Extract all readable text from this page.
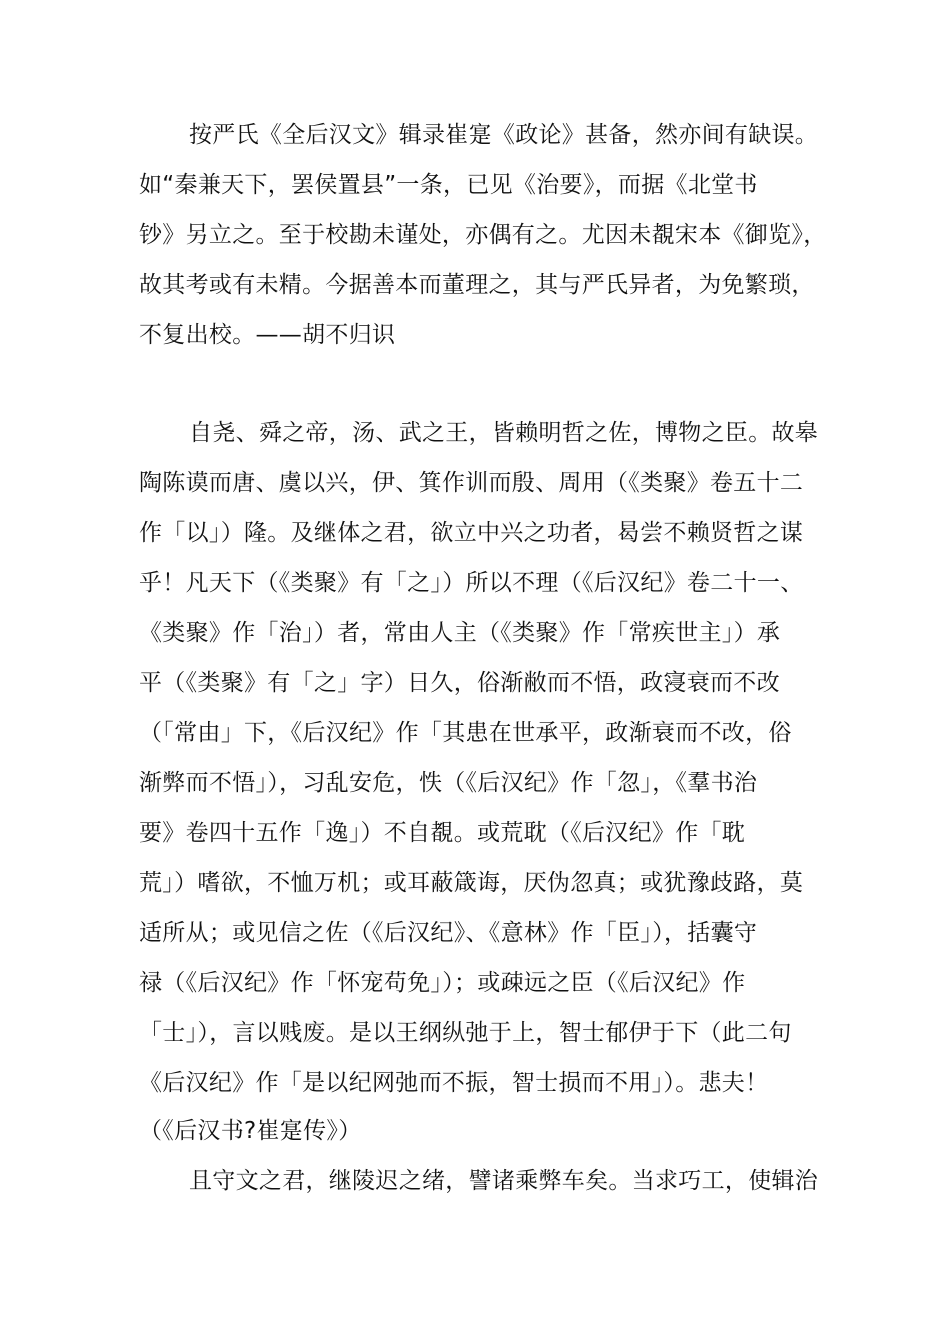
按严氏《全后汉文》辑录崔寔《政论》甚备，然亦间有缺误。
如“秦兼天下，罢侯置县”一条，已见《治要》，而据《北堂书
钞》另立之。至于校勘未谨处，亦偶有之。尤因未覩宋本《御览》，
故其考或有未精。今据善本而董理之，其与严氏异者，为免繁琐，
不复出校。——胡不归识
自尧、舜之帝，汤、武之王，皆赖明哲之佐，博物之臣。故皋
陶陈谟而唐、虞以兴，伊、箕作训而殷、周用（《类聚》卷五十二
作「以」）隆。及继体之君，欲立中兴之功者，曷尝不赖贤哲之谋
乎！凡天下（《类聚》有「之」）所以不理（《后汉纪》卷二十一、
《类聚》作「治」）者，常由人主（《类聚》作「常疾世主」）承
平（《类聚》有「之」字）日久，俗渐敝而不悟，政寖衰而不改
（「常由」下，《后汉纪》作「其患在世承平，政渐衰而不改，俗
渐弊而不悟」），习乱安危，怢（《后汉纪》作「忽」，《羣书治
要》卷四十五作「逸」）不自覩。或荒耽（《后汉纪》作「耽
荒」）嗜欲，不恤万机；或耳蔽箴诲，厌伪忽真；或犹豫歧路，莫
适所从；或见信之佐（《后汉纪》、《意林》作「臣」），括囊守
禄（《后汉纪》作「怀宠苟免」）；或疎远之臣（《后汉纪》作
「士」），言以贱废。是以王纲纵弛于上，智士郁伊于下（此二句
《后汉纪》作「是以纪网弛而不振，智士损而不用」）。悲夫！
（《后汉书?崔寔传》）
且守文之君，继陵迟之绪，譬诸乘弊车矣。当求巧工，使辑治
